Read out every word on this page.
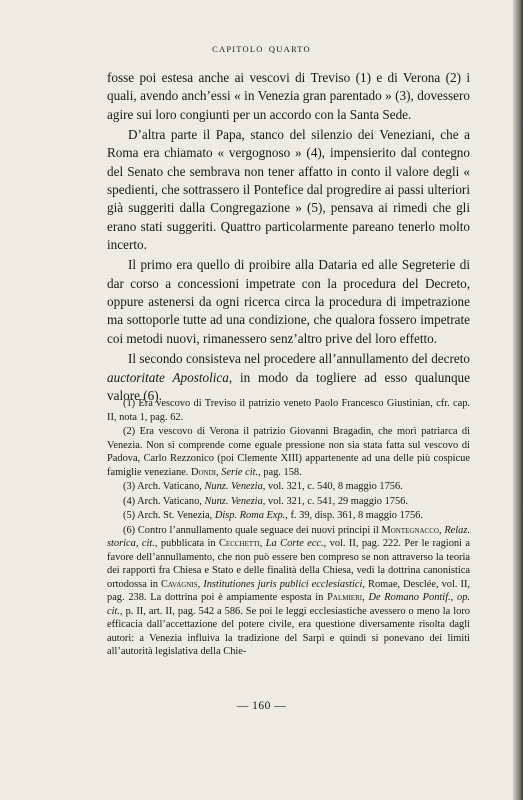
CAPITOLO QUARTO

fosse poi estesa anche ai vescovi di Treviso (1) e di Verona (2) i quali, avendo anch’essi « in Venezia gran parentado » (3), dovessero agire sui loro congiunti per un accordo con la Santa Sede.

D’altra parte il Papa, stanco del silenzio dei Veneziani, che a Roma era chiamato « vergognoso » (4), impensierito dal contegno del Senato che sembrava non tener affatto in conto il valore degli « spedienti, che sottrassero il Pontefice dal progredire ai passi ulteriori già suggeriti dalla Congregazione » (5), pensava ai rimedi che gli erano stati suggeriti. Quattro particolarmente pareano tenerlo molto incerto.

Il primo era quello di proibire alla Dataria ed alle Segreterie di dar corso a concessioni impetrate con la procedura del Decreto, oppure astenersi da ogni ricerca circa la procedura di impetrazione ma sottoporle tutte ad una condizione, che qualora fossero impetrate coi metodi nuovi, rimanessero senz’altro prive del loro effetto.

Il secondo consisteva nel procedere all’annullamento del decreto auctoritate Apostolica, in modo da togliere ad esso qualunque valore (6).

(1) Era vescovo di Treviso il patrizio veneto Paolo Francesco Giustinian, cfr. cap. II, nota 1, pag. 62.

(2) Era vescovo di Verona il patrizio Giovanni Bragadin, che morì patriarca di Venezia. Non si comprende come eguale pressione non sia stata fatta sul vescovo di Padova, Carlo Rezzonico (poi Clemente XIII) appartenente ad una delle più cospicue famiglie veneziane. Dondi, Serie cit., pag. 158.

(3) Arch. Vaticano, Nunz. Venezia, vol. 321, c. 540, 8 maggio 1756.

(4) Arch. Vaticano, Nunz. Venezia, vol. 321, c. 541, 29 maggio 1756.

(5) Arch. St. Venezia, Disp. Roma Exp., f. 39, disp. 361, 8 maggio 1756.

(6) Contro l’annullamento quale seguace dei nuovi principi il Montegnacco, Relaz. storica, cit., pubblicata in Cecchetti, La Corte ecc., vol. II, pag. 222. Per le ragioni a favore dell’annullamento, che non può essere ben compreso se non attraverso la teoria dei rapporti fra Chiesa e Stato e delle finalità della Chiesa, vedi la dottrina canonistica ortodossa in Cavagnis, Institutiones juris publici ecclesiastici, Romae, Desclée, vol. II, pag. 238. La dottrina poi è ampiamente esposta in Palmieri, De Romano Pontif., op. cit., p. II, art. II, pag. 542 a 586. Se poi le leggi ecclesiastiche avessero o meno la loro efficacia dall’accettazione del potere civile, era questione diversamente risolta dagli autori: a Venezia influiva la tradizione del Sarpi e quindi si ponevano dei limiti all’autorità legislativa della Chie-

— 160 —
